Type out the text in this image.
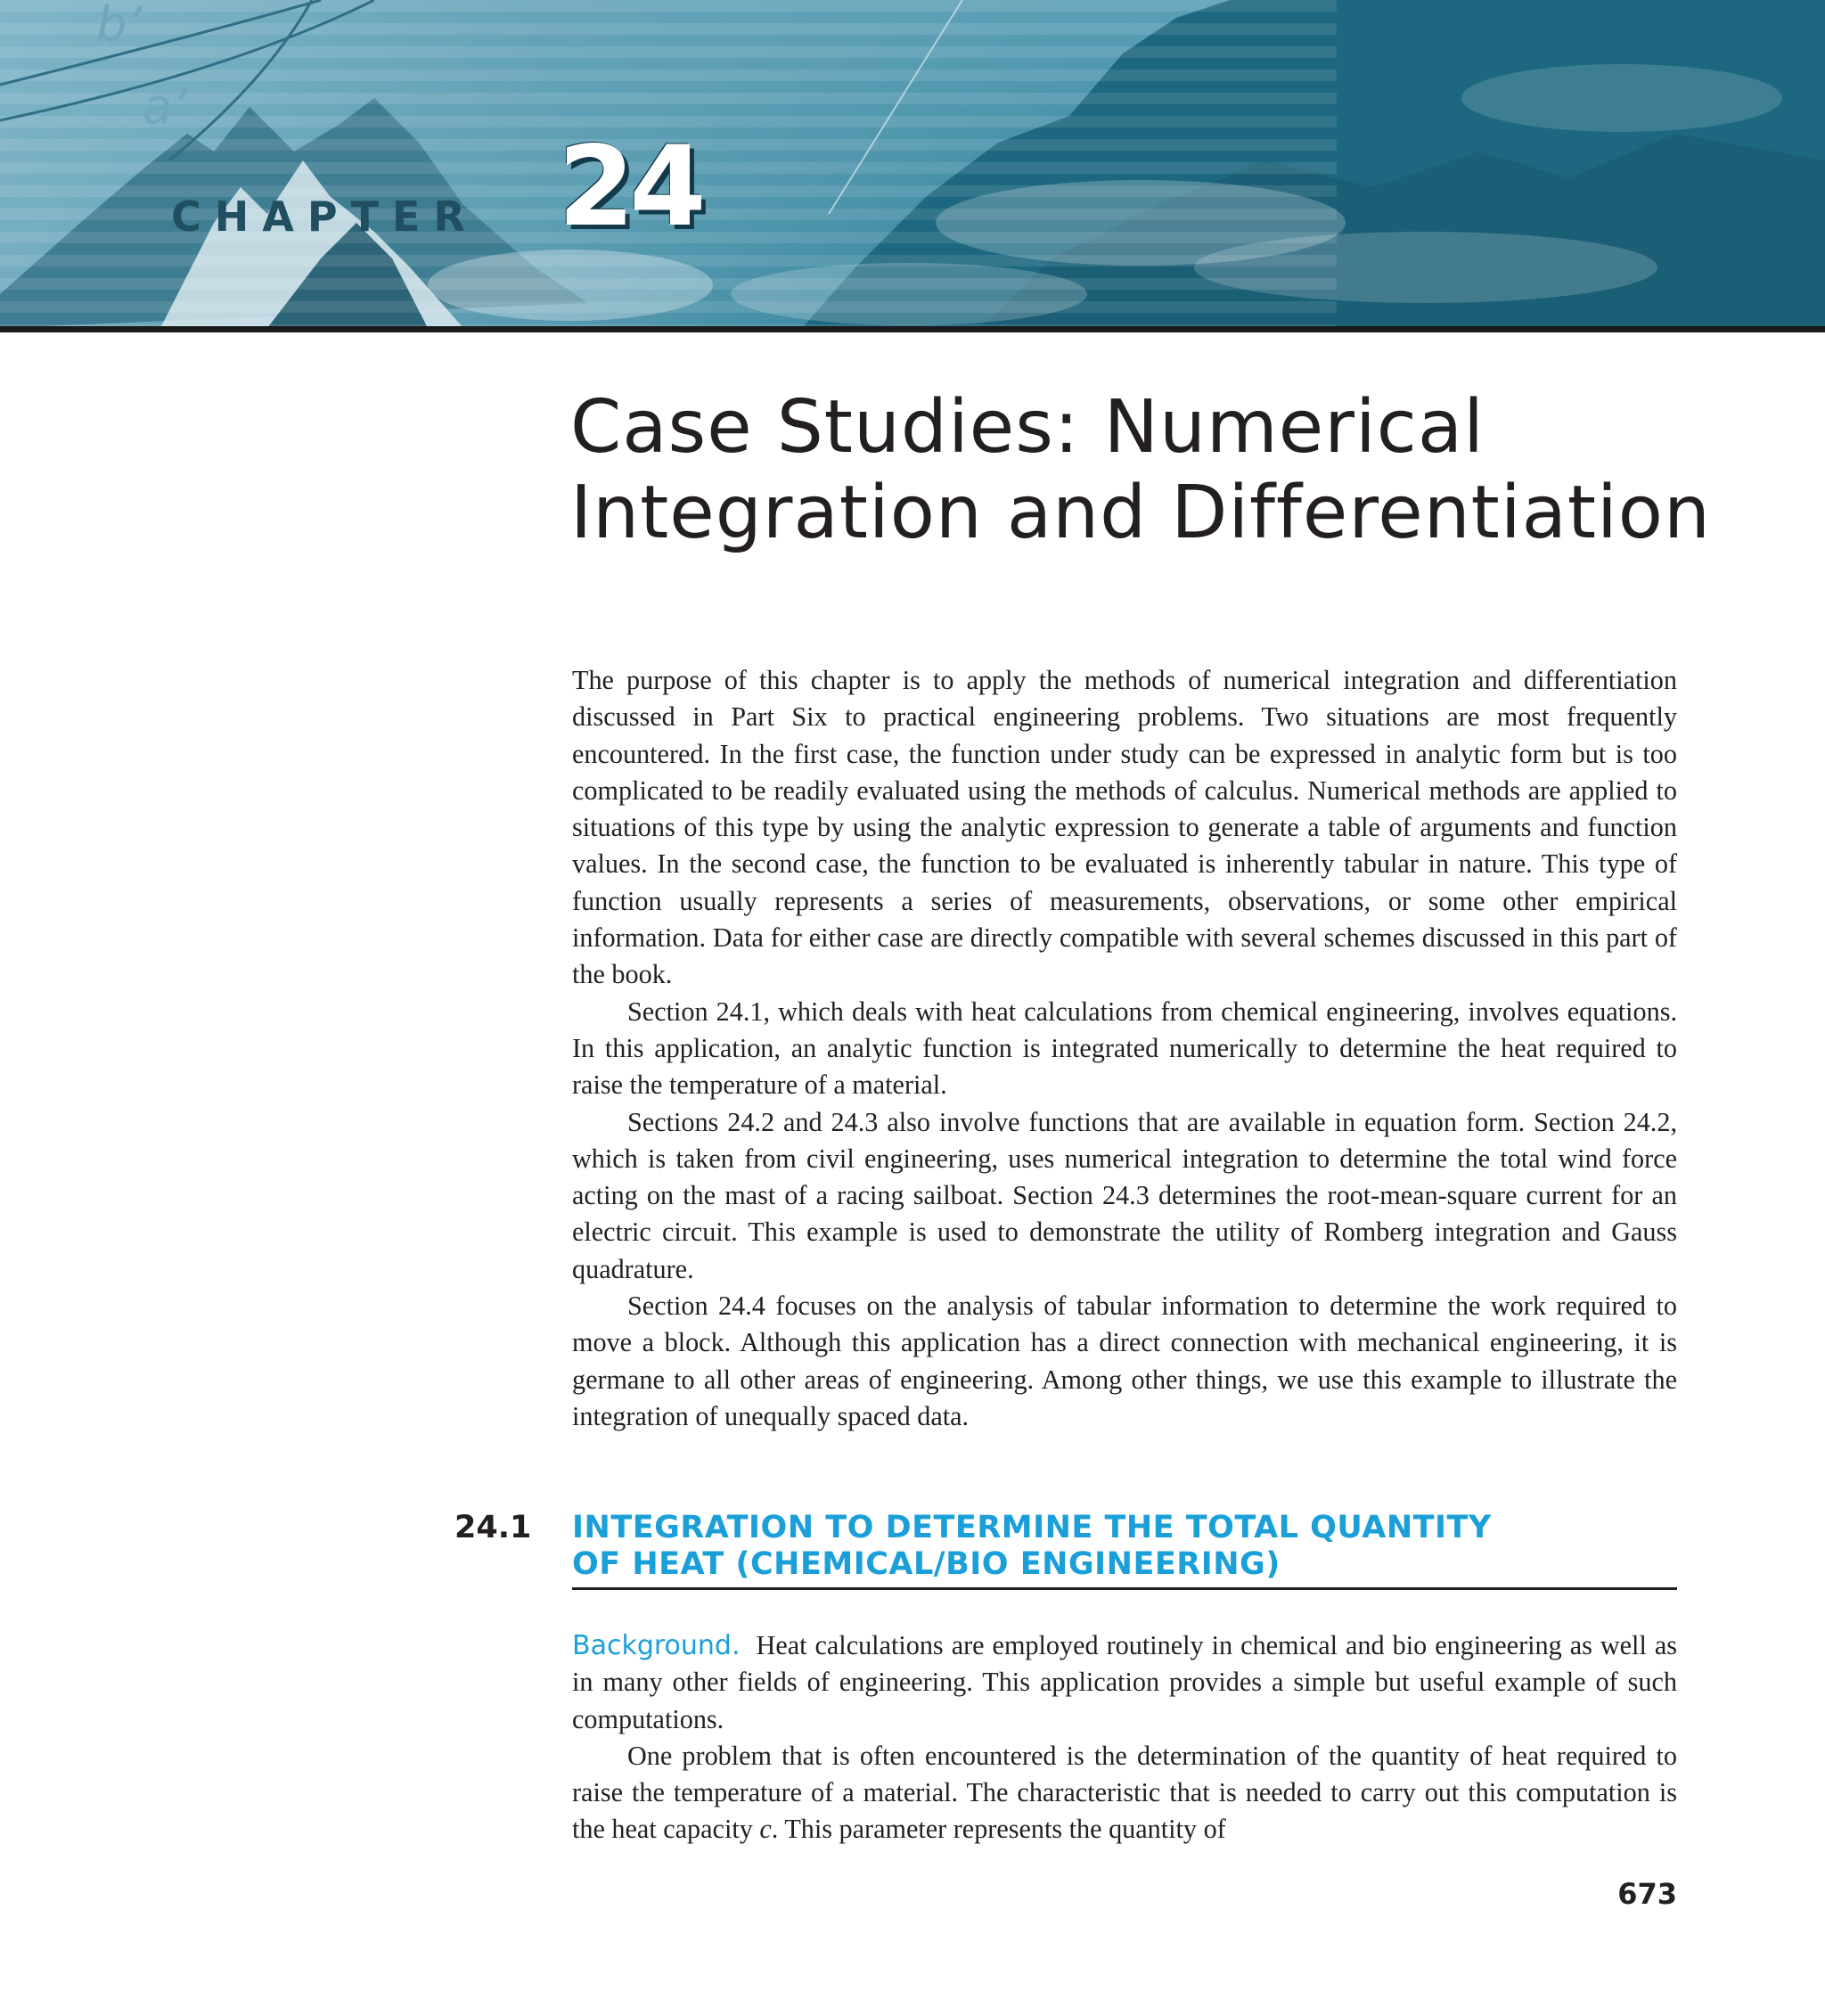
b’
a’
CHAPTER 24
Case Studies: Numerical
Integration and Differentiation

The purpose of this chapter is to apply the methods of numerical integration and differentiation discussed in Part Six to practical engineering problems. Two situations are most frequently encountered. In the first case, the function under study can be expressed in analytic form but is too complicated to be readily evaluated using the methods of calculus. Numerical methods are applied to situations of this type by using the analytic expression to generate a table of arguments and function values. In the second case, the function to be evaluated is inherently tabular in nature. This type of function usually represents a series of measurements, observations, or some other empirical information. Data for either case are directly compatible with several schemes discussed in this part of the book.

Section 24.1, which deals with heat calculations from chemical engineering, involves equations. In this application, an analytic function is integrated numerically to determine the heat required to raise the temperature of a material.

Sections 24.2 and 24.3 also involve functions that are available in equation form. Section 24.2, which is taken from civil engineering, uses numerical integration to determine the total wind force acting on the mast of a racing sailboat. Section 24.3 determines the root-mean-square current for an electric circuit. This example is used to demonstrate the utility of Romberg integration and Gauss quadrature.

Section 24.4 focuses on the analysis of tabular information to determine the work required to move a block. Although this application has a direct connection with mechanical engineering, it is germane to all other areas of engineering. Among other things, we use this example to illustrate the integration of unequally spaced data.

24.1 INTEGRATION TO DETERMINE THE TOTAL QUANTITY
OF HEAT (CHEMICAL/BIO ENGINEERING)

Background. Heat calculations are employed routinely in chemical and bio engineering as well as in many other fields of engineering. This application provides a simple but useful example of such computations.

One problem that is often encountered is the determination of the quantity of heat required to raise the temperature of a material. The characteristic that is needed to carry out this computation is the heat capacity c. This parameter represents the quantity of

673
